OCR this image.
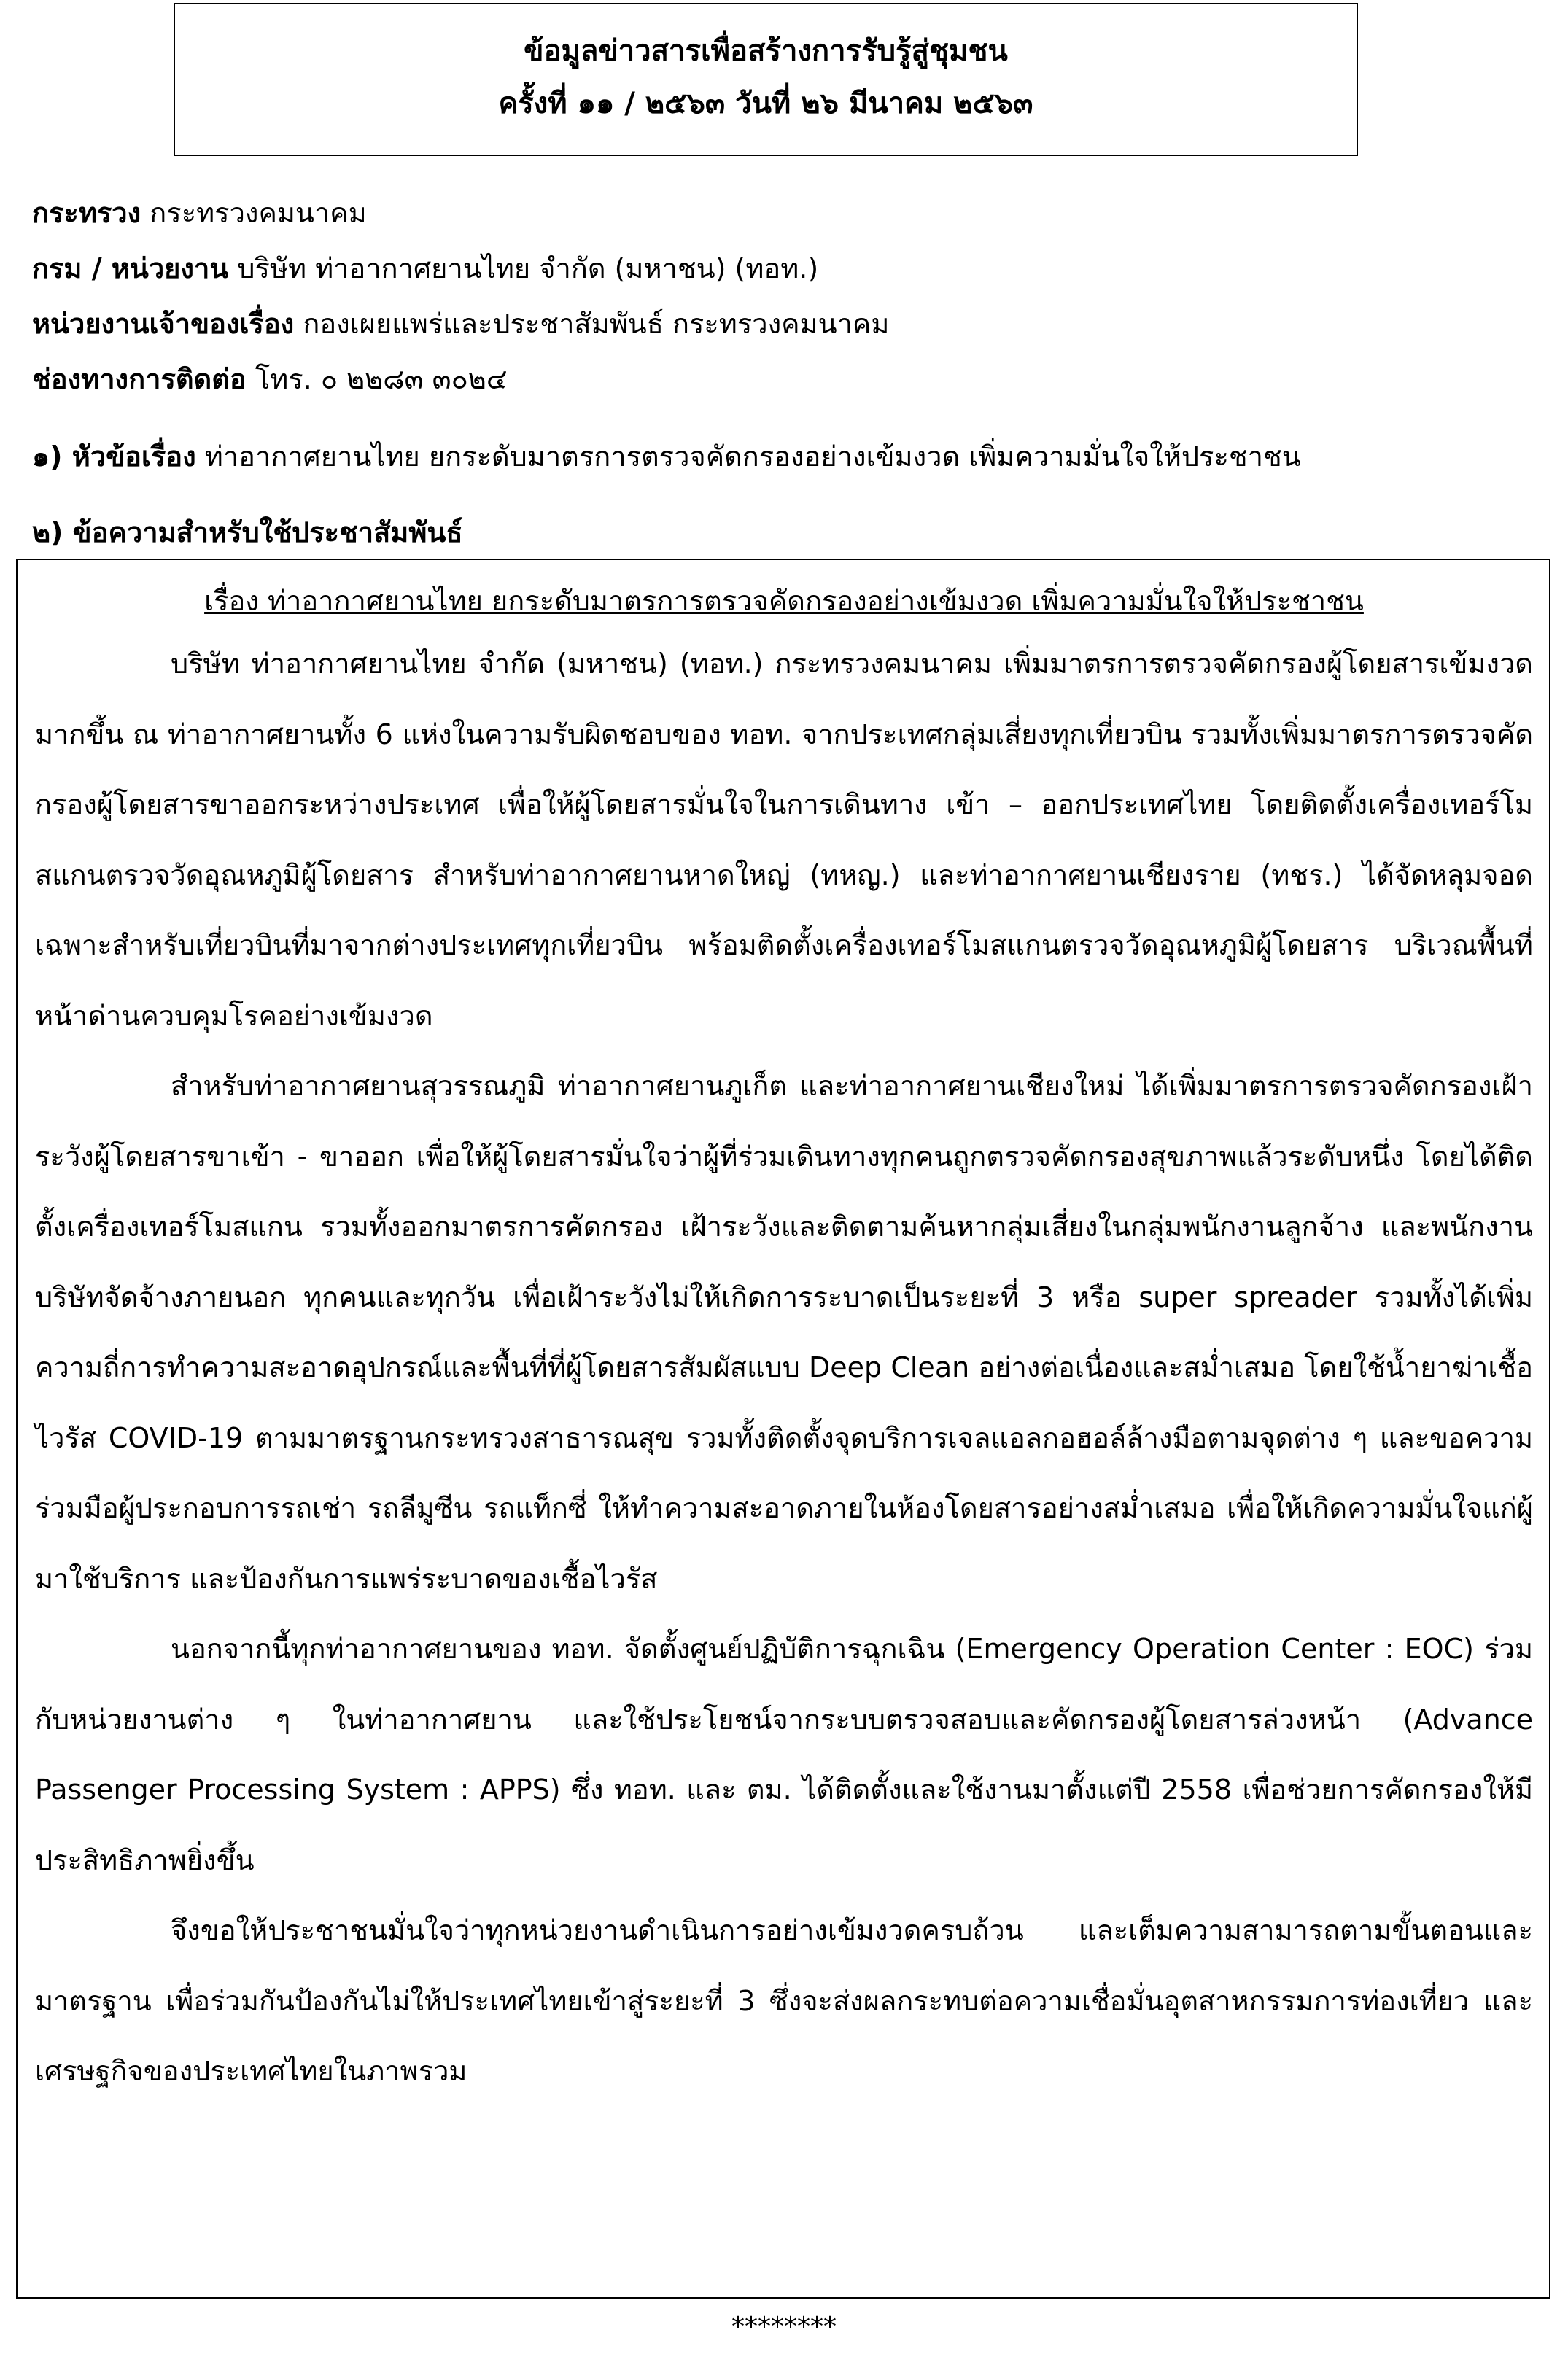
ข้อมูลข่าวสารเพื่อสร้างการรับรู้สู่ชุมชน
ครั้งที่ ๑๑ / ๒๕๖๓ วันที่ ๒๖ มีนาคม ๒๕๖๓
กระทรวง กระทรวงคมนาคม
กรม / หน่วยงาน บริษัท ท่าอากาศยานไทย จำกัด (มหาชน) (ทอท.)
หน่วยงานเจ้าของเรื่อง กองเผยแพร่และประชาสัมพันธ์ กระทรวงคมนาคม
ช่องทางการติดต่อ โทร. ๐ ๒๒๘๓ ๓๐๒๔
๑) หัวข้อเรื่อง ท่าอากาศยานไทย ยกระดับมาตรการตรวจคัดกรองอย่างเข้มงวด เพิ่มความมั่นใจให้ประชาชน
๒) ข้อความสำหรับใช้ประชาสัมพันธ์
เรื่อง ท่าอากาศยานไทย ยกระดับมาตรการตรวจคัดกรองอย่างเข้มงวด เพิ่มความมั่นใจให้ประชาชน

บริษัท ท่าอากาศยานไทย จำกัด (มหาชน) (ทอท.) กระทรวงคมนาคม เพิ่มมาตรการตรวจคัดกรองผู้โดยสารเข้มงวดมากขึ้น ณ ท่าอากาศยานทั้ง 6 แห่งในความรับผิดชอบของ ทอท. จากประเทศกลุ่มเสี่ยงทุกเที่ยวบิน รวมทั้งเพิ่มมาตรการตรวจคัดกรองผู้โดยสารขาออกระหว่างประเทศ เพื่อให้ผู้โดยสารมั่นใจในการเดินทาง เข้า – ออกประเทศไทย โดยติดตั้งเครื่องเทอร์โมสแกนตรวจวัดอุณหภูมิผู้โดยสาร สำหรับท่าอากาศยานหาดใหญ่ (ทหญ.) และท่าอากาศยานเชียงราย (ทชร.) ได้จัดหลุมจอดเฉพาะสำหรับเที่ยวบินที่มาจากต่างประเทศทุกเที่ยวบิน พร้อมติดตั้งเครื่องเทอร์โมสแกนตรวจวัดอุณหภูมิผู้โดยสาร บริเวณพื้นที่หน้าด่านควบคุมโรคอย่างเข้มงวด

สำหรับท่าอากาศยานสุวรรณภูมิ ท่าอากาศยานภูเก็ต และท่าอากาศยานเชียงใหม่ ได้เพิ่มมาตรการตรวจคัดกรองเฝ้าระวังผู้โดยสารขาเข้า - ขาออก เพื่อให้ผู้โดยสารมั่นใจว่าผู้ที่ร่วมเดินทางทุกคนถูกตรวจคัดกรองสุขภาพแล้วระดับหนึ่ง โดยได้ติดตั้งเครื่องเทอร์โมสแกน รวมทั้งออกมาตรการคัดกรอง เฝ้าระวังและติดตามค้นหากลุ่มเสี่ยงในกลุ่มพนักงานลูกจ้าง และพนักงานบริษัทจัดจ้างภายนอก ทุกคนและทุกวัน เพื่อเฝ้าระวังไม่ให้เกิดการระบาดเป็นระยะที่ 3 หรือ super spreader รวมทั้งได้เพิ่มความถี่การทำความสะอาดอุปกรณ์และพื้นที่ที่ผู้โดยสารสัมผัสแบบ Deep Clean อย่างต่อเนื่องและสม่ำเสมอ โดยใช้น้ำยาฆ่าเชื้อไวรัส COVID-19 ตามมาตรฐานกระทรวงสาธารณสุข รวมทั้งติดตั้งจุดบริการเจลแอลกอฮอล์ล้างมือตามจุดต่าง ๆ และขอความร่วมมือผู้ประกอบการรถเช่า รถลีมูซีน รถแท็กซี่ ให้ทำความสะอาดภายในห้องโดยสารอย่างสม่ำเสมอ เพื่อให้เกิดความมั่นใจแก่ผู้มาใช้บริการ และป้องกันการแพร่ระบาดของเชื้อไวรัส

นอกจากนี้ทุกท่าอากาศยานของ ทอท. จัดตั้งศูนย์ปฏิบัติการฉุกเฉิน (Emergency Operation Center : EOC) ร่วมกับหน่วยงานต่าง ๆ ในท่าอากาศยาน และใช้ประโยชน์จากระบบตรวจสอบและคัดกรองผู้โดยสารล่วงหน้า (Advance Passenger Processing System : APPS) ซึ่ง ทอท. และ ตม. ได้ติดตั้งและใช้งานมาตั้งแต่ปี 2558 เพื่อช่วยการคัดกรองให้มีประสิทธิภาพยิ่งขึ้น

จึงขอให้ประชาชนมั่นใจว่าทุกหน่วยงานดำเนินการอย่างเข้มงวดครบถ้วน และเต็มความสามารถตามขั้นตอนและมาตรฐาน เพื่อร่วมกันป้องกันไม่ให้ประเทศไทยเข้าสู่ระยะที่ 3 ซึ่งจะส่งผลกระทบต่อความเชื่อมั่นอุตสาหกรรมการท่องเที่ยว และเศรษฐกิจของประเทศไทยในภาพรวม

********
